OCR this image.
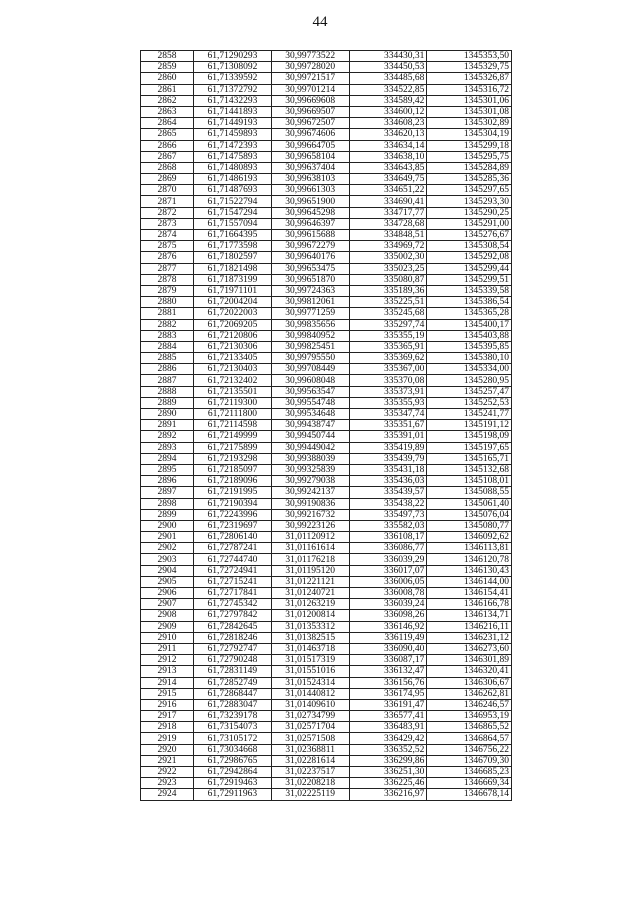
44
2858	61,71290293	30,99773522	334430,31	1345353,50
2859	61,71308092	30,99728020	334450,53	1345329,75
2860	61,71339592	30,99721517	334485,68	1345326,87
2861	61,71372792	30,99701214	334522,85	1345316,72
2862	61,71432293	30,99669608	334589,42	1345301,06
2863	61,71441893	30,99669507	334600,12	1345301,08
2864	61,71449193	30,99672507	334608,23	1345302,89
2865	61,71459893	30,99674606	334620,13	1345304,19
2866	61,71472393	30,99664705	334634,14	1345299,18
2867	61,71475893	30,99658104	334638,10	1345295,75
2868	61,71480893	30,99637404	334643,85	1345284,89
2869	61,71486193	30,99638103	334649,75	1345285,36
2870	61,71487693	30,99661303	334651,22	1345297,65
2871	61,71522794	30,99651900	334690,41	1345293,30
2872	61,71547294	30,99645298	334717,77	1345290,25
2873	61,71557094	30,99646397	334728,68	1345291,00
2874	61,71664395	30,99615688	334848,51	1345276,67
2875	61,71773598	30,99672279	334969,72	1345308,54
2876	61,71802597	30,99640176	335002,30	1345292,08
2877	61,71821498	30,99653475	335023,25	1345299,44
2878	61,71873199	30,99651870	335080,87	1345299,51
2879	61,71971101	30,99724363	335189,36	1345339,58
2880	61,72004204	30,99812061	335225,51	1345386,54
2881	61,72022003	30,99771259	335245,68	1345365,28
2882	61,72069205	30,99835656	335297,74	1345400,17
2883	61,72120806	30,99840952	335355,19	1345403,88
2884	61,72130306	30,99825451	335365,91	1345395,85
2885	61,72133405	30,99795550	335369,62	1345380,10
2886	61,72130403	30,99708449	335367,00	1345334,00
2887	61,72132402	30,99608048	335370,08	1345280,95
2888	61,72135501	30,99563547	335373,91	1345257,47
2889	61,72119300	30,99554748	335355,93	1345252,53
2890	61,72111800	30,99534648	335347,74	1345241,77
2891	61,72114598	30,99438747	335351,67	1345191,12
2892	61,72149999	30,99450744	335391,01	1345198,09
2893	61,72175899	30,99449042	335419,89	1345197,65
2894	61,72193298	30,99388039	335439,79	1345165,71
2895	61,72185097	30,99325839	335431,18	1345132,68
2896	61,72189096	30,99279038	335436,03	1345108,01
2897	61,72191995	30,99242137	335439,57	1345088,55
2898	61,72190394	30,99190836	335438,22	1345061,40
2899	61,72243996	30,99216732	335497,73	1345076,04
2900	61,72319697	30,99223126	335582,03	1345080,77
2901	61,72806140	31,01120912	336108,17	1346092,62
2902	61,72787241	31,01161614	336086,77	1346113,81
2903	61,72744740	31,01176218	336039,29	1346120,78
2904	61,72724941	31,01195120	336017,07	1346130,43
2905	61,72715241	31,01221121	336006,05	1346144,00
2906	61,72717841	31,01240721	336008,78	1346154,41
2907	61,72745342	31,01263219	336039,24	1346166,78
2908	61,72797842	31,01200814	336098,26	1346134,71
2909	61,72842645	31,01353312	336146,92	1346216,11
2910	61,72818246	31,01382515	336119,49	1346231,12
2911	61,72792747	31,01463718	336090,40	1346273,60
2912	61,72790248	31,01517319	336087,17	1346301,89
2913	61,72831149	31,01551016	336132,47	1346320,41
2914	61,72852749	31,01524314	336156,76	1346306,67
2915	61,72868447	31,01440812	336174,95	1346262,81
2916	61,72883047	31,01409610	336191,47	1346246,57
2917	61,73239178	31,02734799	336577,41	1346953,19
2918	61,73154073	31,02571704	336483,91	1346865,52
2919	61,73105172	31,02571508	336429,42	1346864,57
2920	61,73034668	31,02368811	336352,52	1346756,22
2921	61,72986765	31,02281614	336299,86	1346709,30
2922	61,72942864	31,02237517	336251,30	1346685,23
2923	61,72919463	31,02208218	336225,46	1346669,34
2924	61,72911963	31,02225119	336216,97	1346678,14
